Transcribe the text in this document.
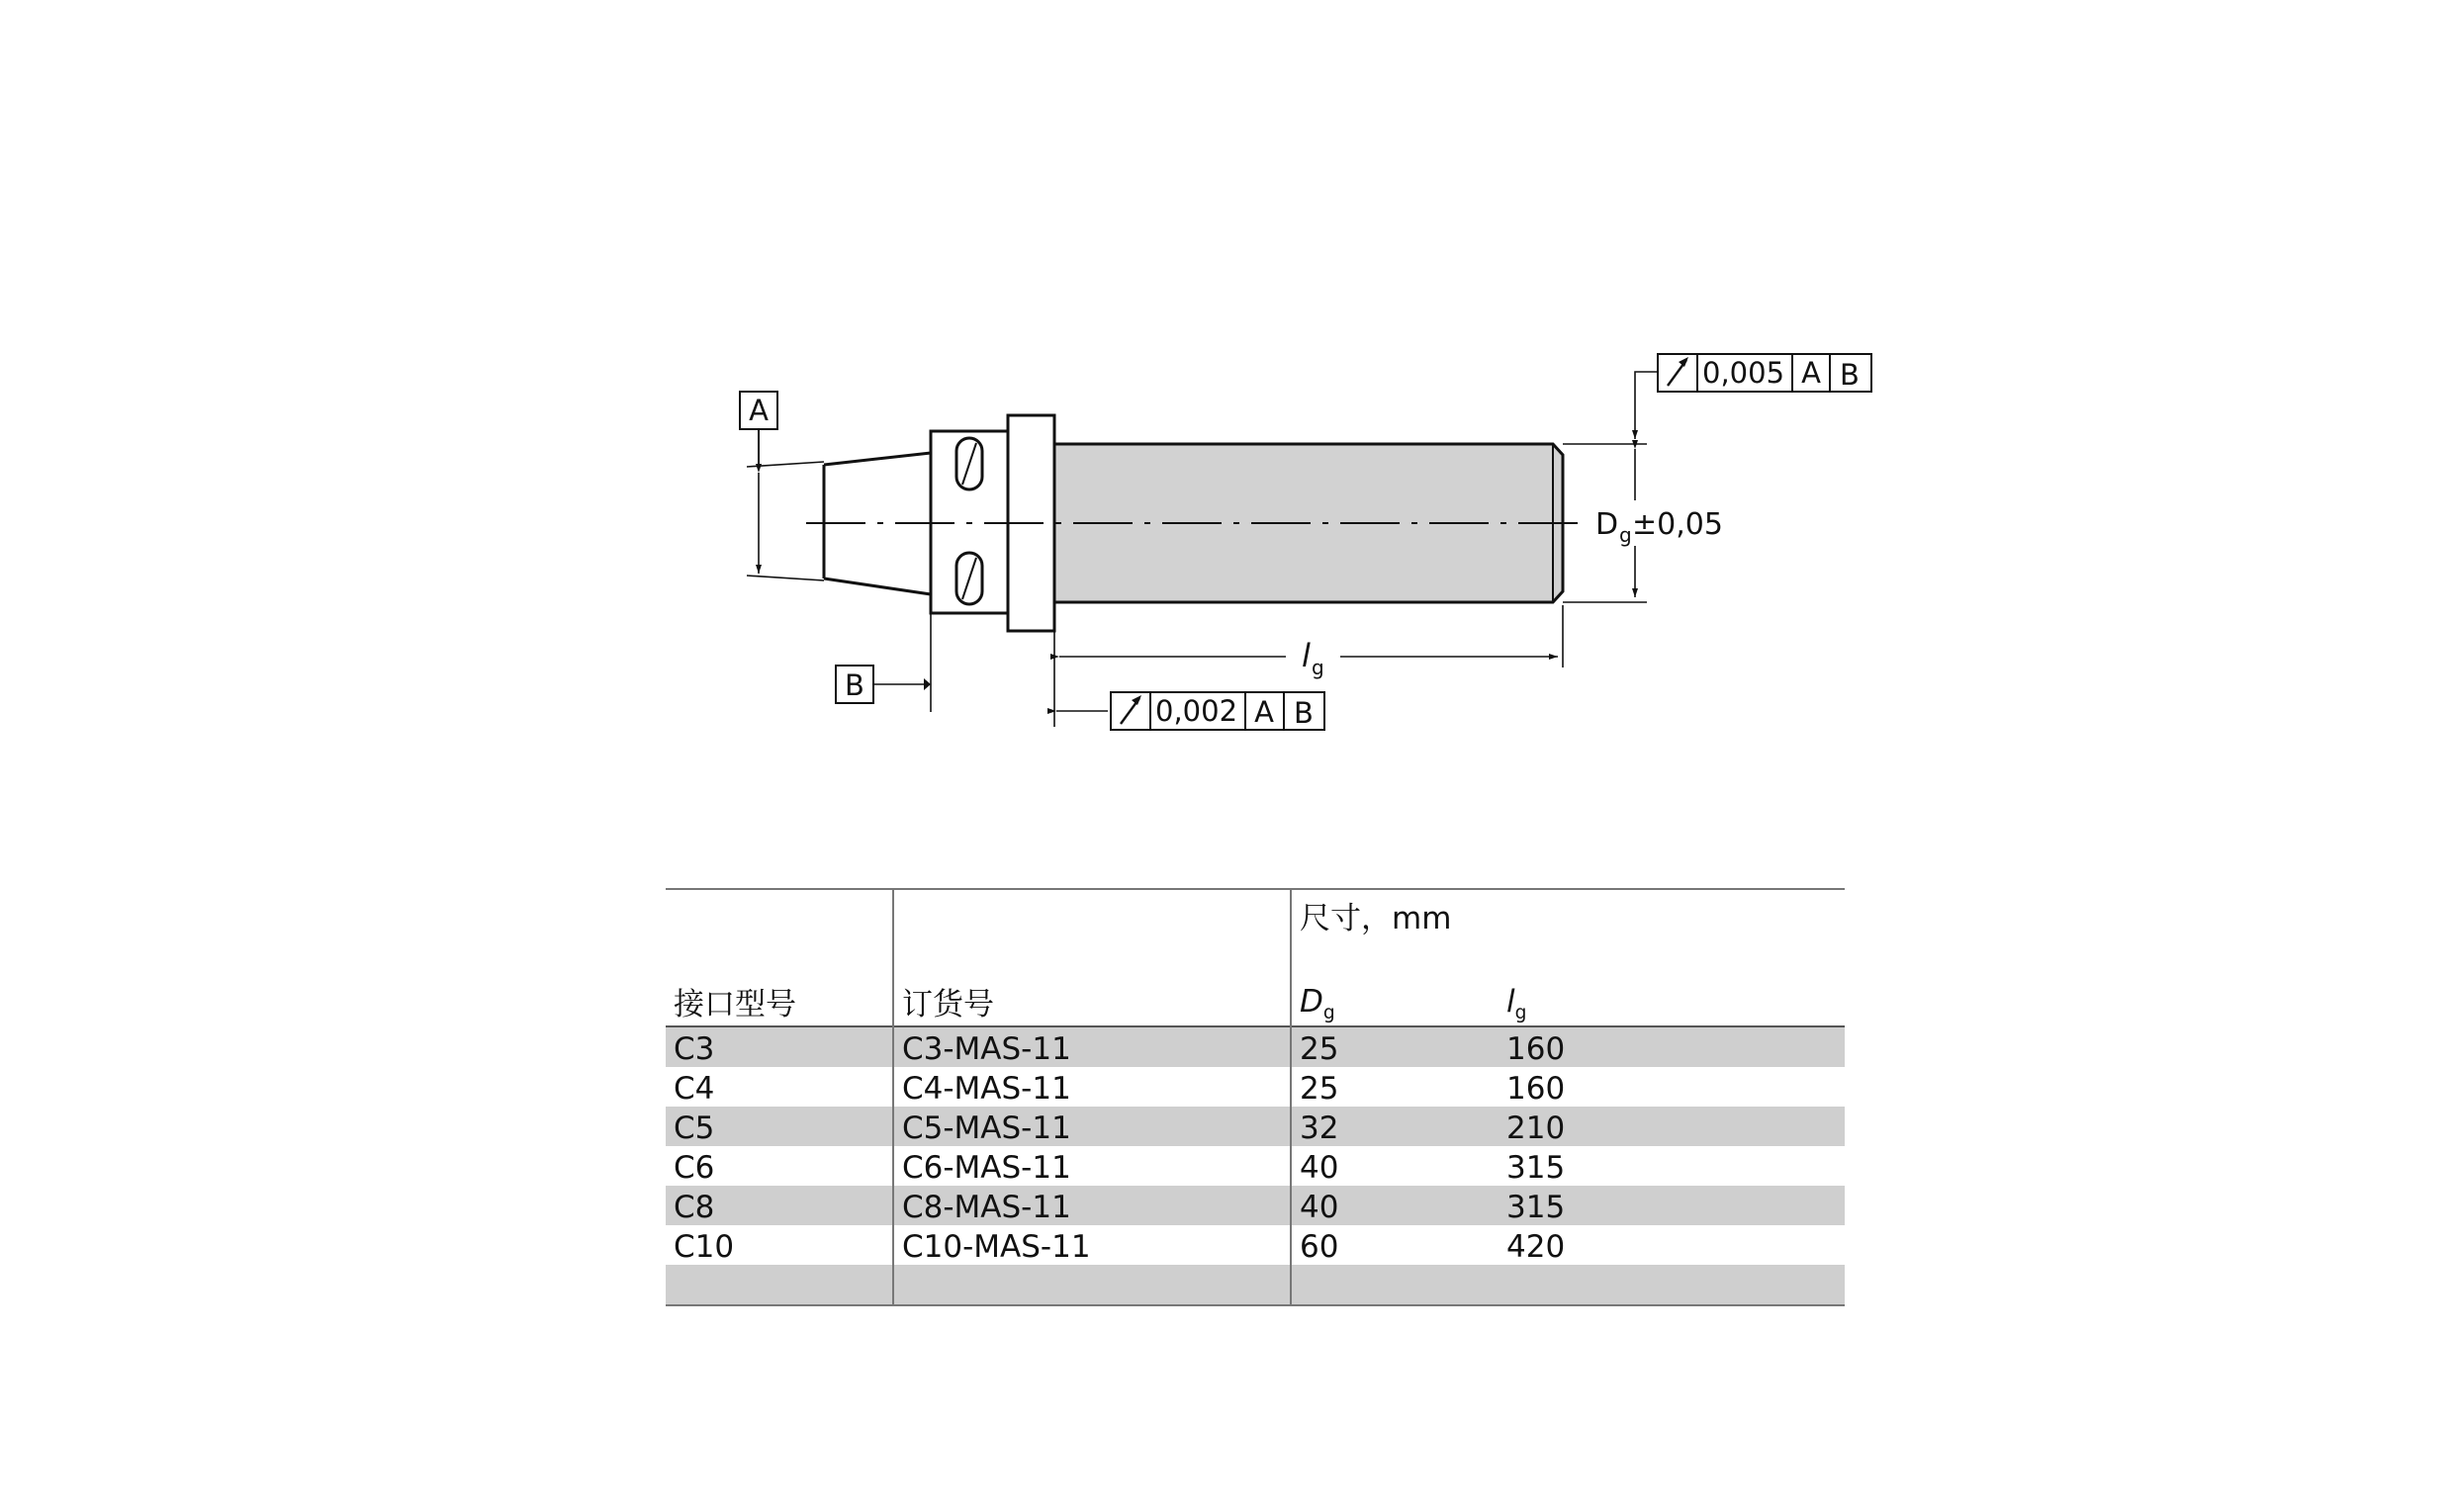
A
D g ±0,05
0,005 A B
B
l g
0,002 A B
		尺寸，mm	
接口型号	订货号	$D_g$	$l_g$
C3	C3-MAS-11	25	160
C4	C4-MAS-11	25	160
C5	C5-MAS-11	32	210
C6	C6-MAS-11	40	315
C8	C8-MAS-11	40	315
C10	C10-MAS-11	60	420
